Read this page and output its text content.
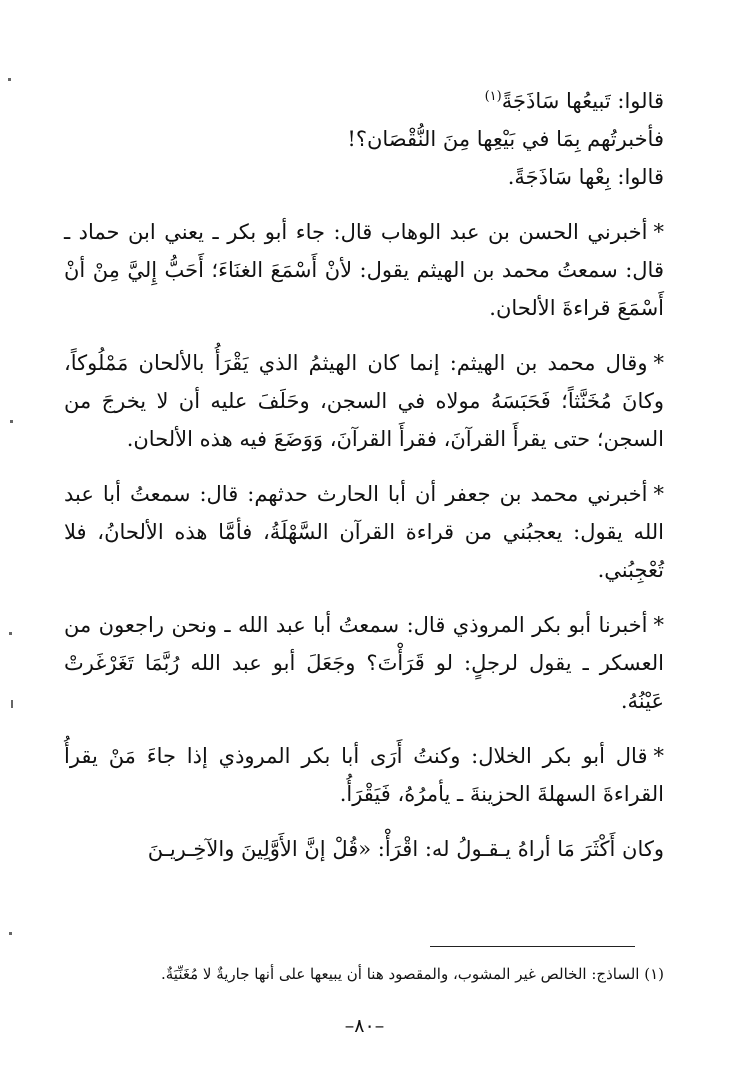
قالوا: تَبيعُها سَاذَجَةً$^{(١)}$

فأخبرتُهم بِمَا في بَيْعِها مِنَ النُّقْصَان؟!

قالوا: بِعْها سَاذَجَةً.

*أخبرني الحسن بن عبد الوهاب قال: جاء أبو بكر ـ يعني ابن حماد ـ قال: سمعتُ محمد بن الهيثم يقول: لأنْ أَسْمَعَ الغنَاءَ؛ أَحَبُّ إِليَّ مِنْ أنْ أَسْمَعَ قراءةَ الألحان.

*وقال محمد بن الهيثم: إنما كان الهيثمُ الذي يَقْرَأُ بالألحان مَمْلُوكاً، وكانَ مُخَنَّثاً؛ فَحَبَسَهُ مولاه في السجن، وحَلَفَ عليه أن لا يخرجَ من السجن؛ حتى يقرأَ القرآنَ، فقرأَ القرآنَ، وَوَضَعَ فيه هذه الألحان.

*أخبرني محمد بن جعفر أن أبا الحارث حدثهم: قال: سمعتُ أبا عبد الله يقول: يعجبُني من قراءة القرآن السَّهْلَةُ، فأمَّا هذه الألحانُ، فلا تُعْجِبُني.

*أخبرنا أبو بكر المروذي قال: سمعتُ أبا عبد الله ـ ونحن راجعون من العسكر ـ يقول لرجلٍ: لو قَرَأْتَ؟ وجَعَلَ أبو عبد الله رُبَّمَا تَغَرْغَرتْ عَيْنُهُ.

*قال أبو بكر الخلال: وكنتُ أَرَى أبا بكر المروذي إذا جاءَ مَنْ يقرأُ القراءةَ السهلةَ الحزينةَ ـ يأمرُهُ، فَيَقْرَأُ.

وكان أَكْثَرَ مَا أراهُ يـقـولُ له: اقْرَأْ: «قُلْ إنَّ الأَوَّلِينَ والآخِـريـنَ

(١) الساذج: الخالص غير المشوب، والمقصود هنا أن يبيعها على أنها جاريةٌ لا مُغَنِّيَةٌ.
–٨٠–
